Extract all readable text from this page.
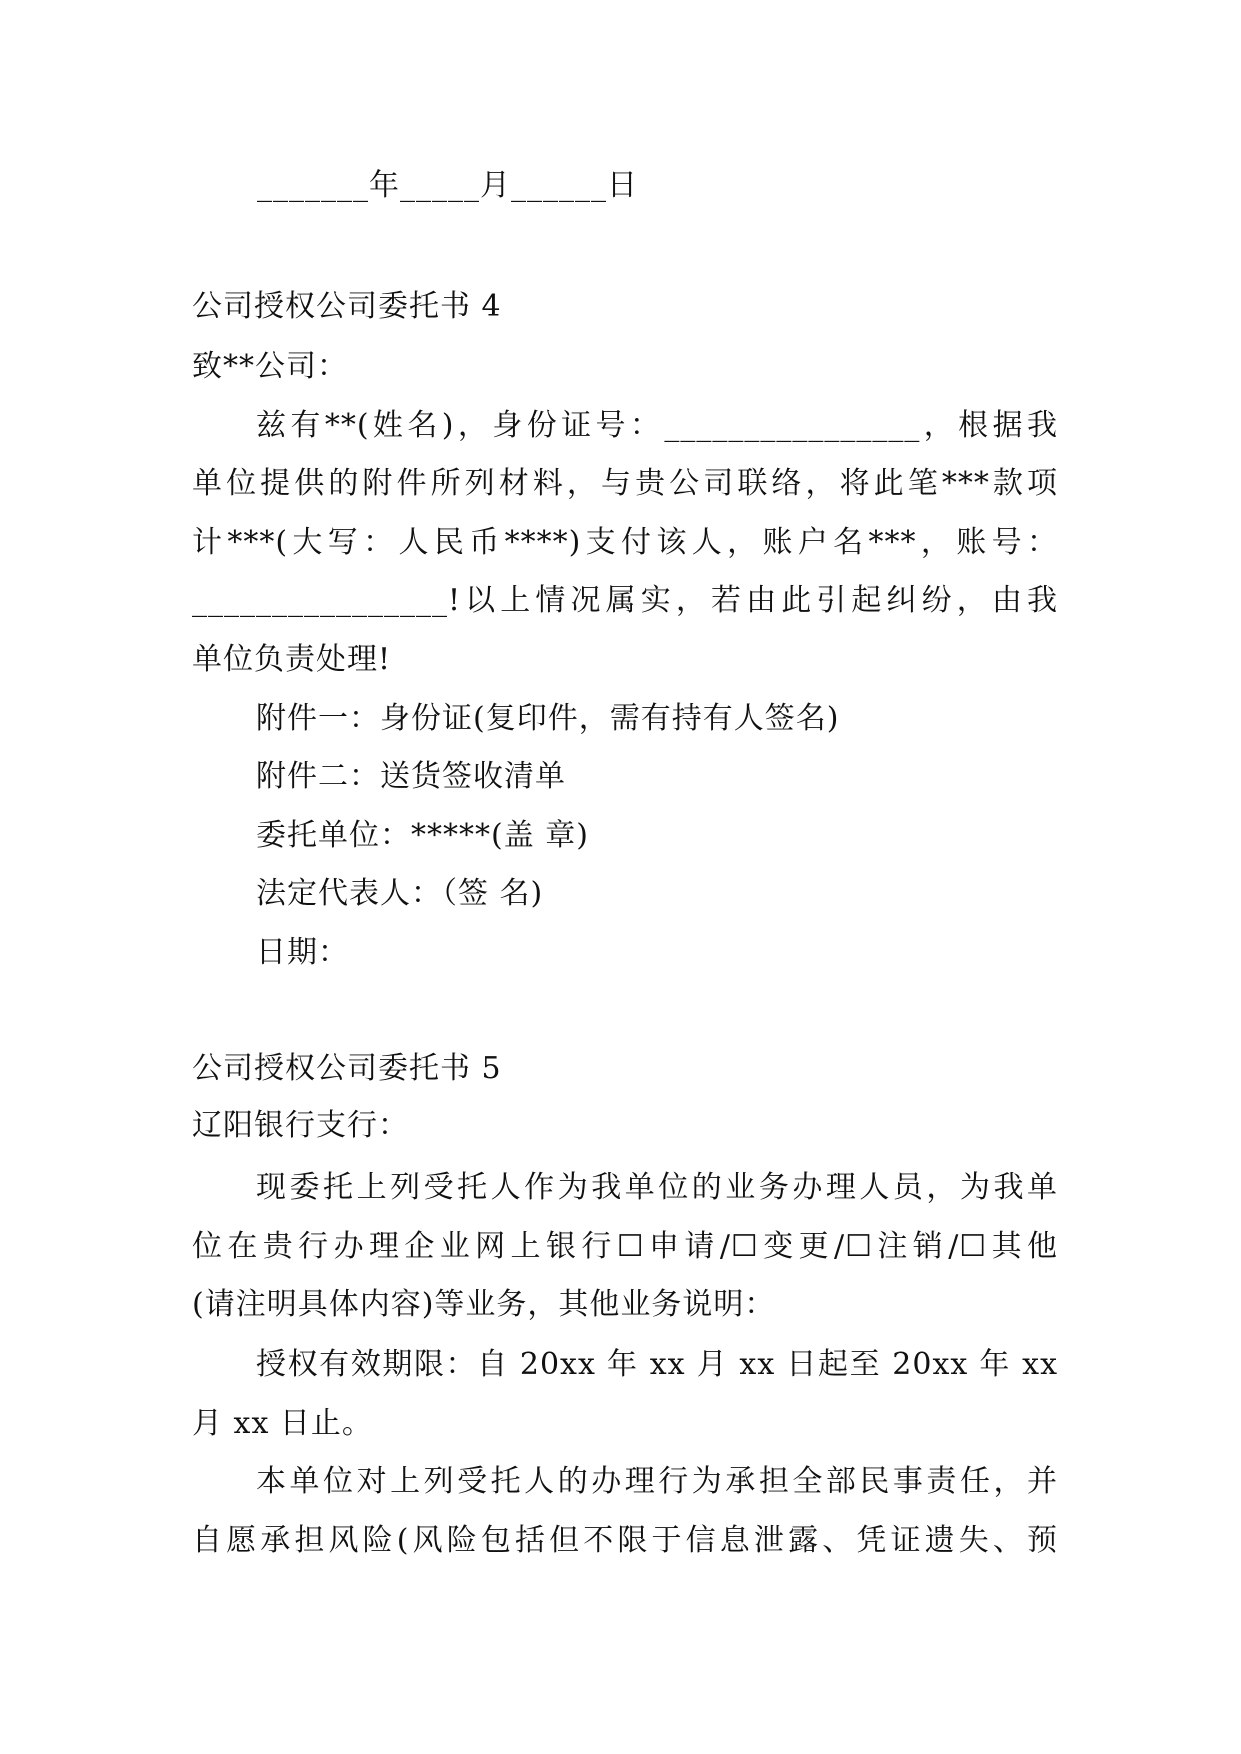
_______年_____月______日
公司授权公司委托书 4
致**公司：
兹有**(姓名)，身份证号：________________，根据我
单位提供的附件所列材料，与贵公司联络，将此笔***款项
计***(大写：人民币****)支付该人，账户名***，账号：
________________!以上情况属实，若由此引起纠纷，由我
单位负责处理!
附件一：身份证(复印件，需有持有人签名)
附件二：送货签收清单
委托单位：*****(盖 章)
法定代表人：（签 名)
日期：
公司授权公司委托书 5
辽阳银行支行：
现委托上列受托人作为我单位的业务办理人员，为我单
位在贵行办理企业网上银行☐申请/☐变更/☐注销/☐其他
(请注明具体内容)等业务，其他业务说明：
授权有效期限：自 20xx 年 xx 月 xx 日起至 20xx 年 xx
月 xx 日止。
本单位对上列受托人的办理行为承担全部民事责任，并
自愿承担风险(风险包括但不限于信息泄露、凭证遗失、预
